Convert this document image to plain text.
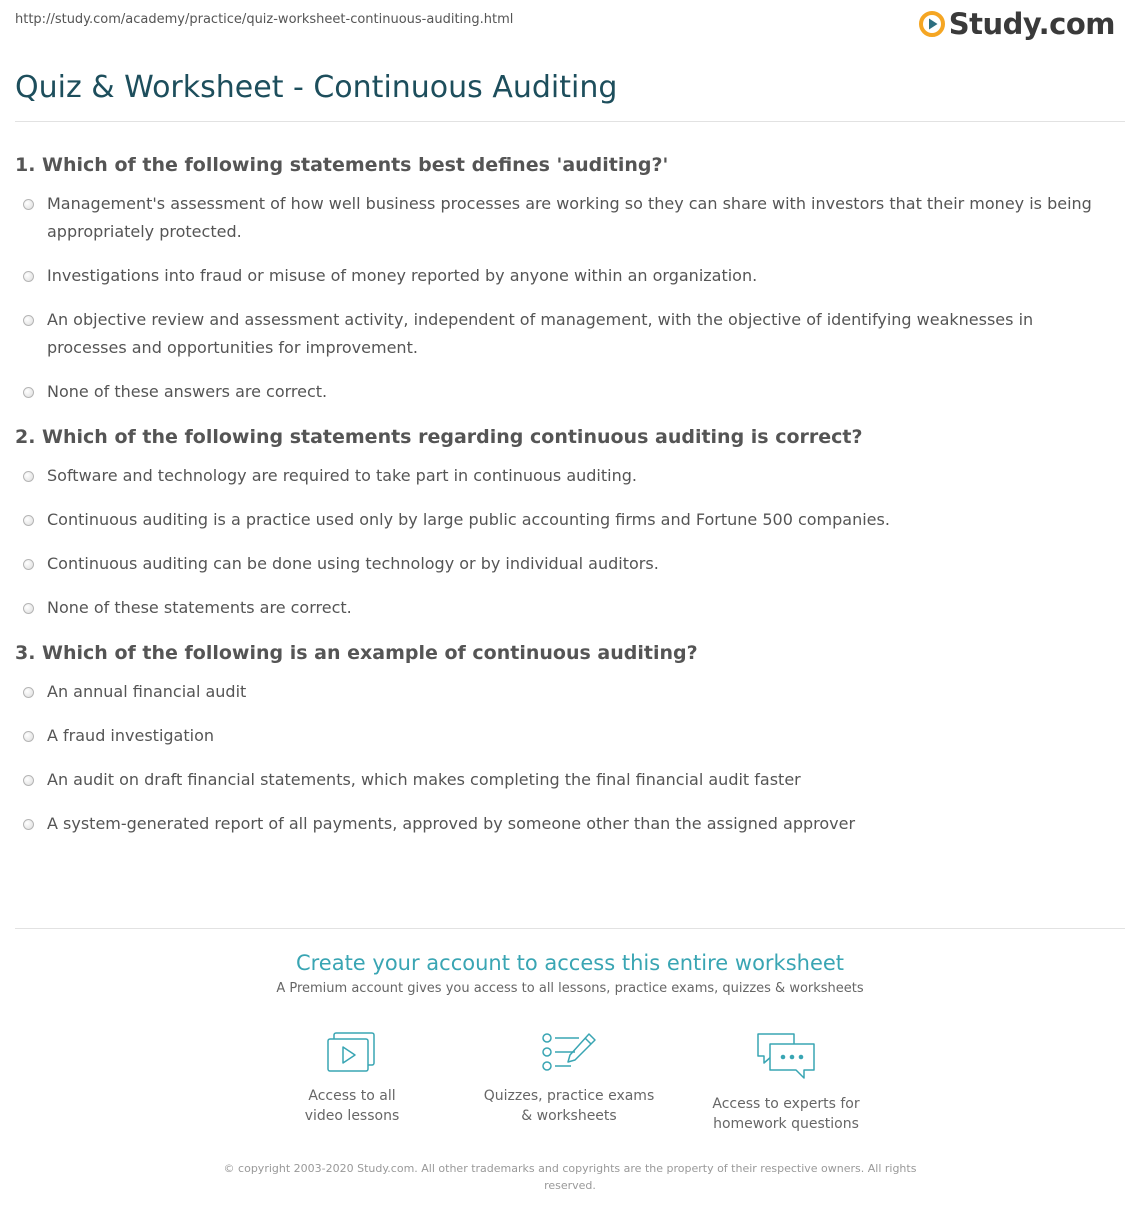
http://study.com/academy/practice/quiz-worksheet-continuous-auditing.html	Study.com
Quiz & Worksheet - Continuous Auditing
1. Which of the following statements best defines 'auditing?'
Management's assessment of how well business processes are working so they can share with investors that their money is being appropriately protected.
Investigations into fraud or misuse of money reported by anyone within an organization.
An objective review and assessment activity, independent of management, with the objective of identifying weaknesses in processes and opportunities for improvement.
None of these answers are correct.
2. Which of the following statements regarding continuous auditing is correct?
Software and technology are required to take part in continuous auditing.
Continuous auditing is a practice used only by large public accounting firms and Fortune 500 companies.
Continuous auditing can be done using technology or by individual auditors.
None of these statements are correct.
3. Which of the following is an example of continuous auditing?
An annual financial audit
A fraud investigation
An audit on draft financial statements, which makes completing the final financial audit faster
A system-generated report of all payments, approved by someone other than the assigned approver
Create your account to access this entire worksheet
A Premium account gives you access to all lessons, practice exams, quizzes & worksheets
Access to all
video lessons
Quizzes, practice exams
& worksheets
Access to experts for
homework questions
© copyright 2003-2020 Study.com. All other trademarks and copyrights are the property of their respective owners. All rights reserved.
